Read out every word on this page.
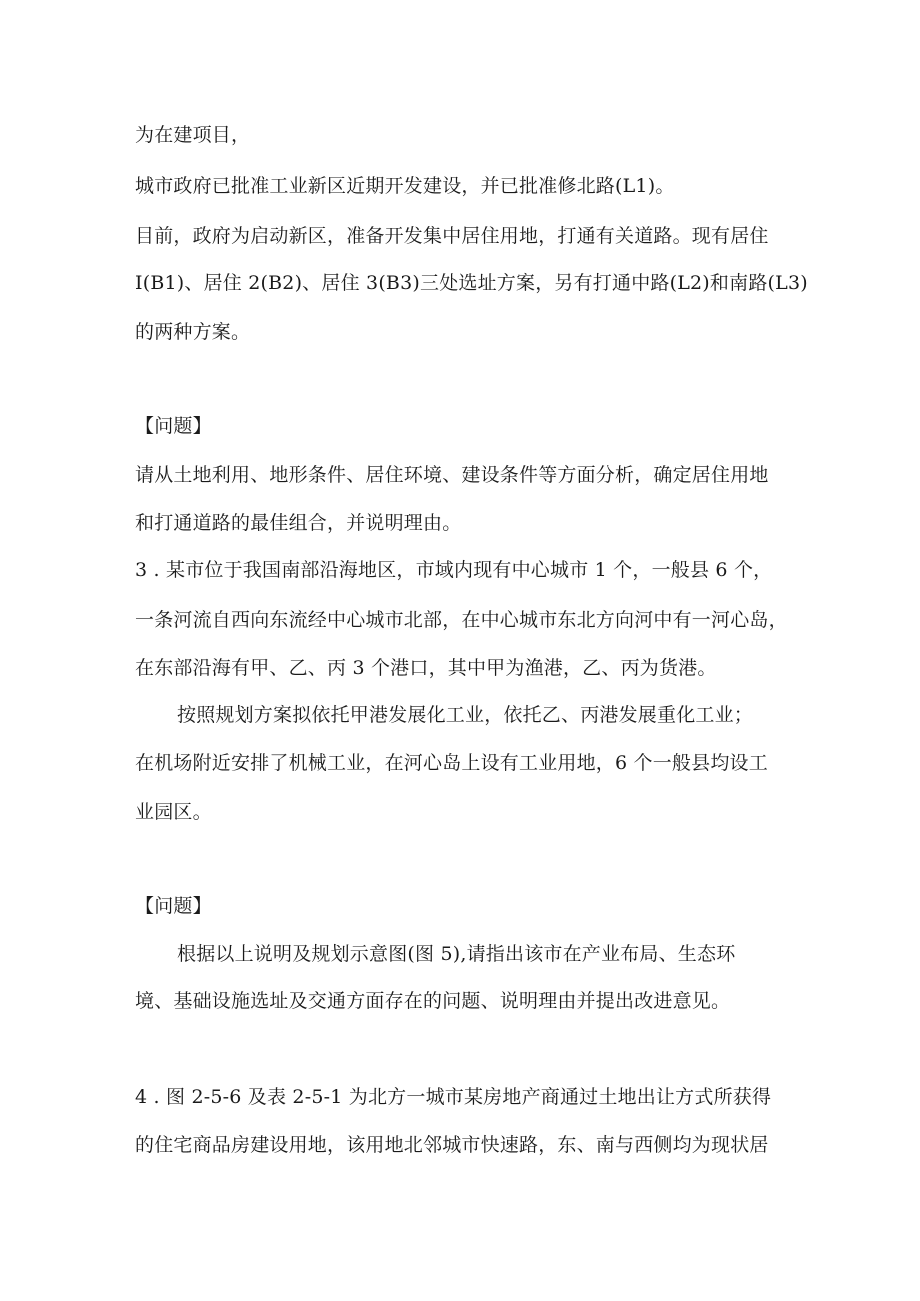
为在建项目，
城市政府已批准工业新区近期开发建设，并已批准修北路(L1)。
目前，政府为启动新区，准备开发集中居住用地，打通有关道路。现有居住
I(B1)、居住 2(B2)、居住 3(B3)三处选址方案，另有打通中路(L2)和南路(L3)
的两种方案。
【问题】
请从土地利用、地形条件、居住环境、建设条件等方面分析，确定居住用地
和打通道路的最佳组合，并说明理由。
3 . 某市位于我国南部沿海地区，市域内现有中心城市 1 个，一般县 6 个，
一条河流自西向东流经中心城市北部，在中心城市东北方向河中有一河心岛，
在东部沿海有甲、乙、丙 3 个港口，其中甲为渔港，乙、丙为货港。
按照规划方案拟依托甲港发展化工业，依托乙、丙港发展重化工业；
在机场附近安排了机械工业，在河心岛上设有工业用地，6 个一般县均设工
业园区。
【问题】
根据以上说明及规划示意图(图 5),请指出该市在产业布局、生态环
境、基础设施选址及交通方面存在的问题、说明理由并提出改进意见。
4 . 图 2-5-6 及表 2-5-1 为北方一城市某房地产商通过土地出让方式所获得
的住宅商品房建设用地，该用地北邻城市快速路，东、南与西侧均为现状居
